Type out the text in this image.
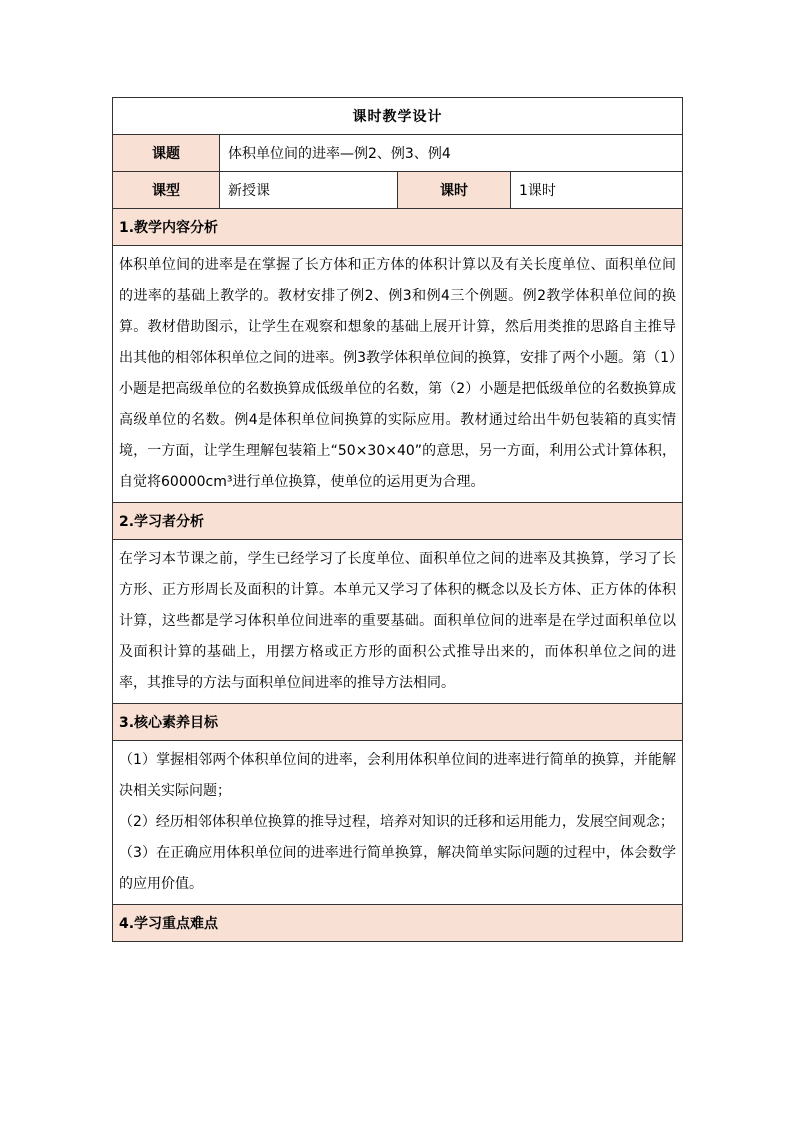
课时教学设计			
课题	体积单位间的进率—例2、例3、例4		
课型	新授课	课时	1课时
1.教学内容分析			

体积单位间的进率是在掌握了长方体和正方体的体积计算以及有关长度单位、面积单位间的进率的基础上教学的。教材安排了例2、例3和例4三个例题。例2教学体积单位间的换算。教材借助图示，让学生在观察和想象的基础上展开计算，然后用类推的思路自主推导出其他的相邻体积单位之间的进率。例3教学体积单位间的换算，安排了两个小题。第（1）小题是把高级单位的名数换算成低级单位的名数，第（2）小题是把低级单位的名数换算成高级单位的名数。例4是体积单位间换算的实际应用。教材通过给出牛奶包装箱的真实情境，一方面，让学生理解包装箱上“50×30×40”的意思，另一方面，利用公式计算体积，自觉将60000cm³进行单位换算，使单位的运用更为合理。			

2.学习者分析			

在学习本节课之前，学生已经学习了长度单位、面积单位之间的进率及其换算，学习了长方形、正方形周长及面积的计算。本单元又学习了体积的概念以及长方体、正方体的体积计算，这些都是学习体积单位间进率的重要基础。面积单位间的进率是在学过面积单位以及面积计算的基础上，用摆方格或正方形的面积公式推导出来的，而体积单位之间的进率，其推导的方法与面积单位间进率的推导方法相同。			

3.核心素养目标			

（1）掌握相邻两个体积单位间的进率，会利用体积单位间的进率进行简单的换算，并能解决相关实际问题；

（2）经历相邻体积单位换算的推导过程，培养对知识的迁移和运用能力，发展空间观念；

（3）在正确应用体积单位间的进率进行简单换算，解决简单实际问题的过程中，体会数学的应用价值。			

4.学习重点难点			
